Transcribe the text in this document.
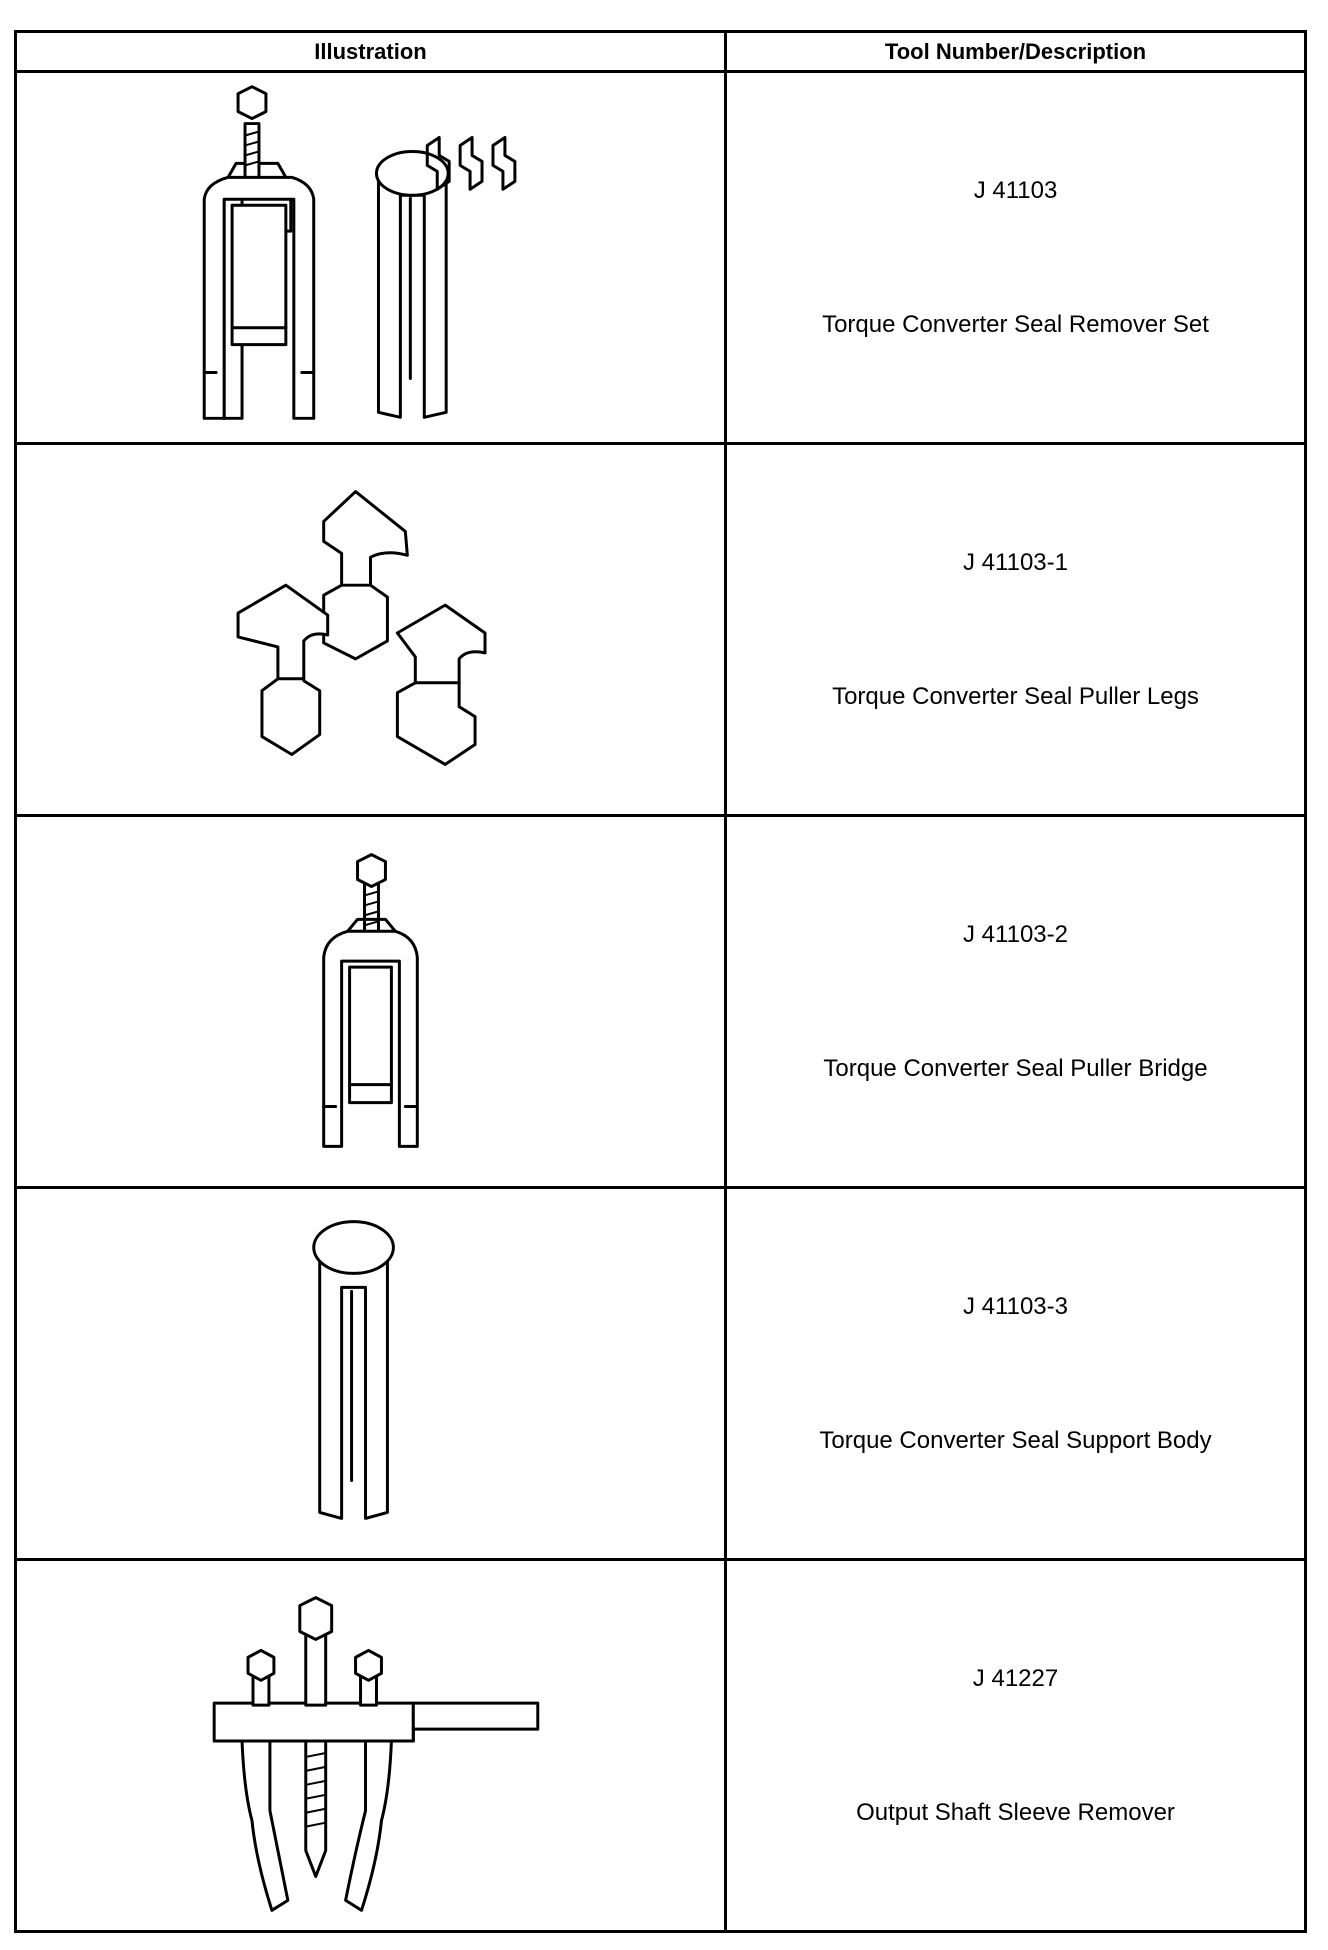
Illustration	Tool Number/Description

J 41103
Torque Converter Seal Remover Set

J 41103-1
Torque Converter Seal Puller Legs

J 41103-2
Torque Converter Seal Puller Bridge

J 41103-3
Torque Converter Seal Support Body

J 41227
Output Shaft Sleeve Remover
